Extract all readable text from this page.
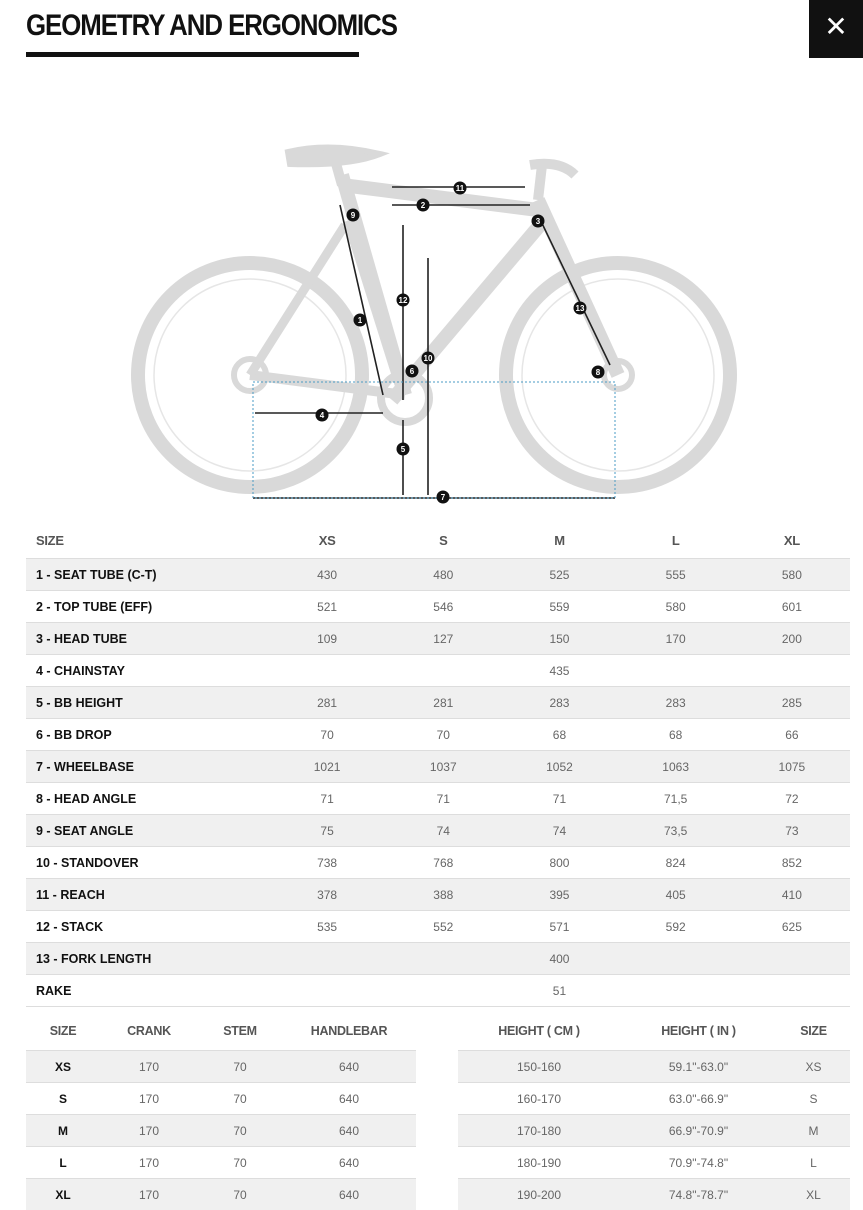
GEOMETRY AND ERGONOMICS	✕
11
2
9
3
12
1
13
10
6	8
4
5
7
SIZE	XS	S	M	L	XL
1 - SEAT TUBE (C-T)	430	480	525	555	580
2 - TOP TUBE (EFF)	521	546	559	580	601
3 - HEAD TUBE	109	127	150	170	200
4 - CHAINSTAY			435		
5 - BB HEIGHT	281	281	283	283	285
6 - BB DROP	70	70	68	68	66
7 - WHEELBASE	1021	1037	1052	1063	1075
8 - HEAD ANGLE	71	71	71	71,5	72
9 - SEAT ANGLE	75	74	74	73,5	73
10 - STANDOVER	738	768	800	824	852
11 - REACH	378	388	395	405	410
12 - STACK	535	552	571	592	625
13 - FORK LENGTH			400		
RAKE			51		
SIZE	CRANK	STEM	HANDLEBAR
XS	170	70	640
S	170	70	640
M	170	70	640
L	170	70	640
XL	170	70	640
HEIGHT ( CM )	HEIGHT ( IN )	SIZE
150-160	59.1"-63.0"	XS
160-170	63.0"-66.9"	S
170-180	66.9"-70.9"	M
180-190	70.9"-74.8"	L
190-200	74.8"-78.7"	XL
